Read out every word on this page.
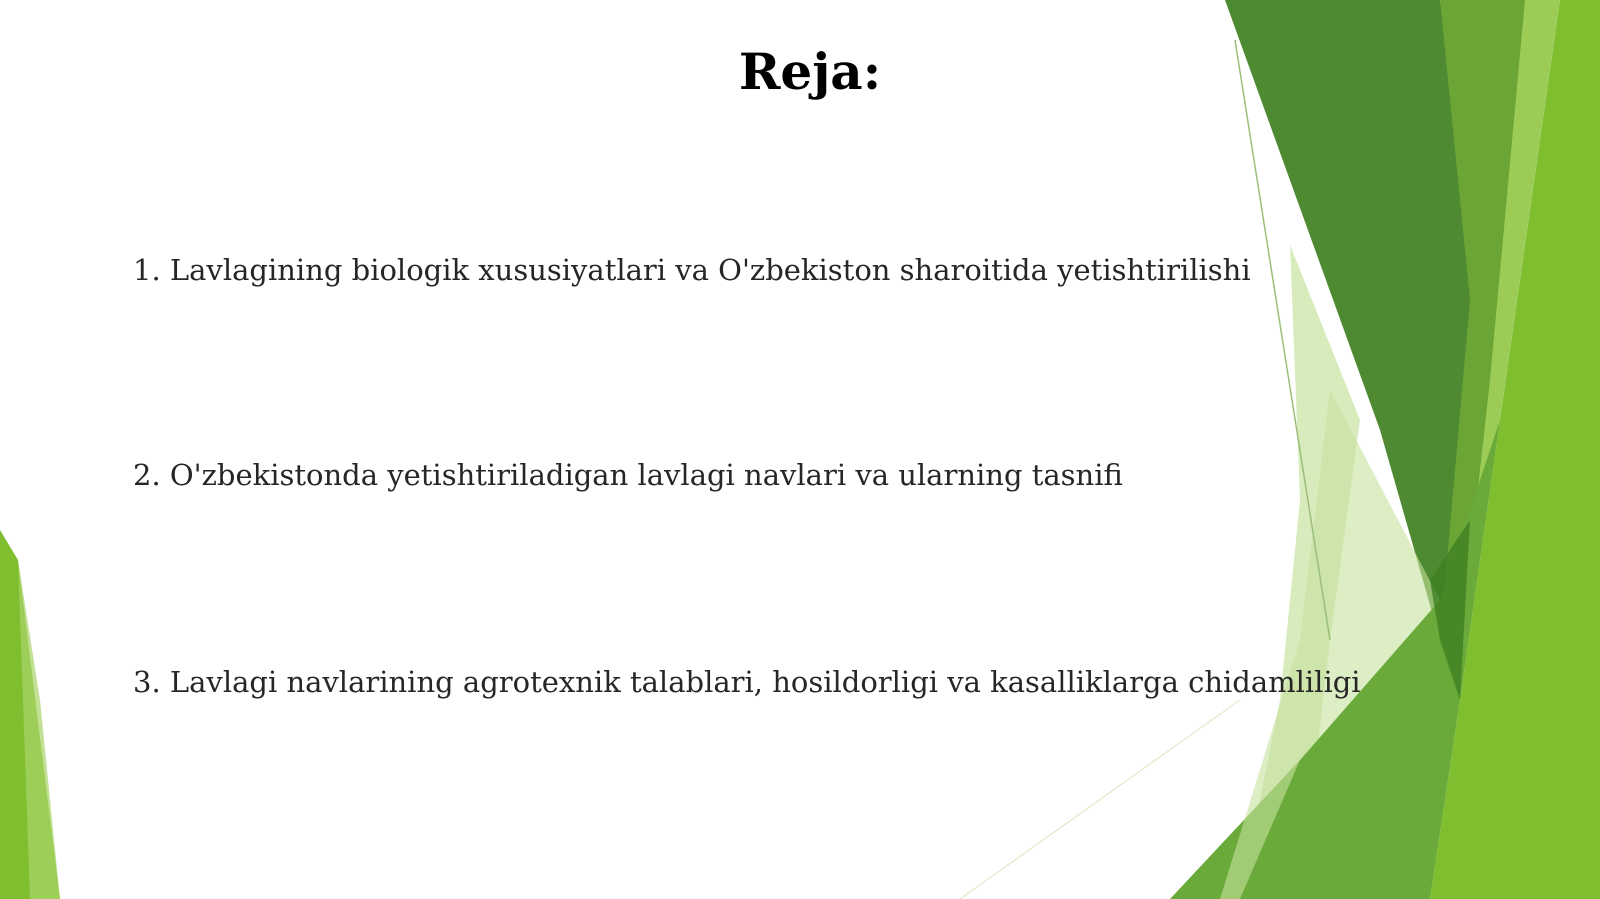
Reja:
1. Lavlagining biologik xususiyatlari va O'zbekiston sharoitida yetishtirilishi
2. O'zbekistonda yetishtiriladigan lavlagi navlari va ularning tasnifi
3. Lavlagi navlarining agrotexnik talablari, hosildorligi va kasalliklarga chidamliligi
